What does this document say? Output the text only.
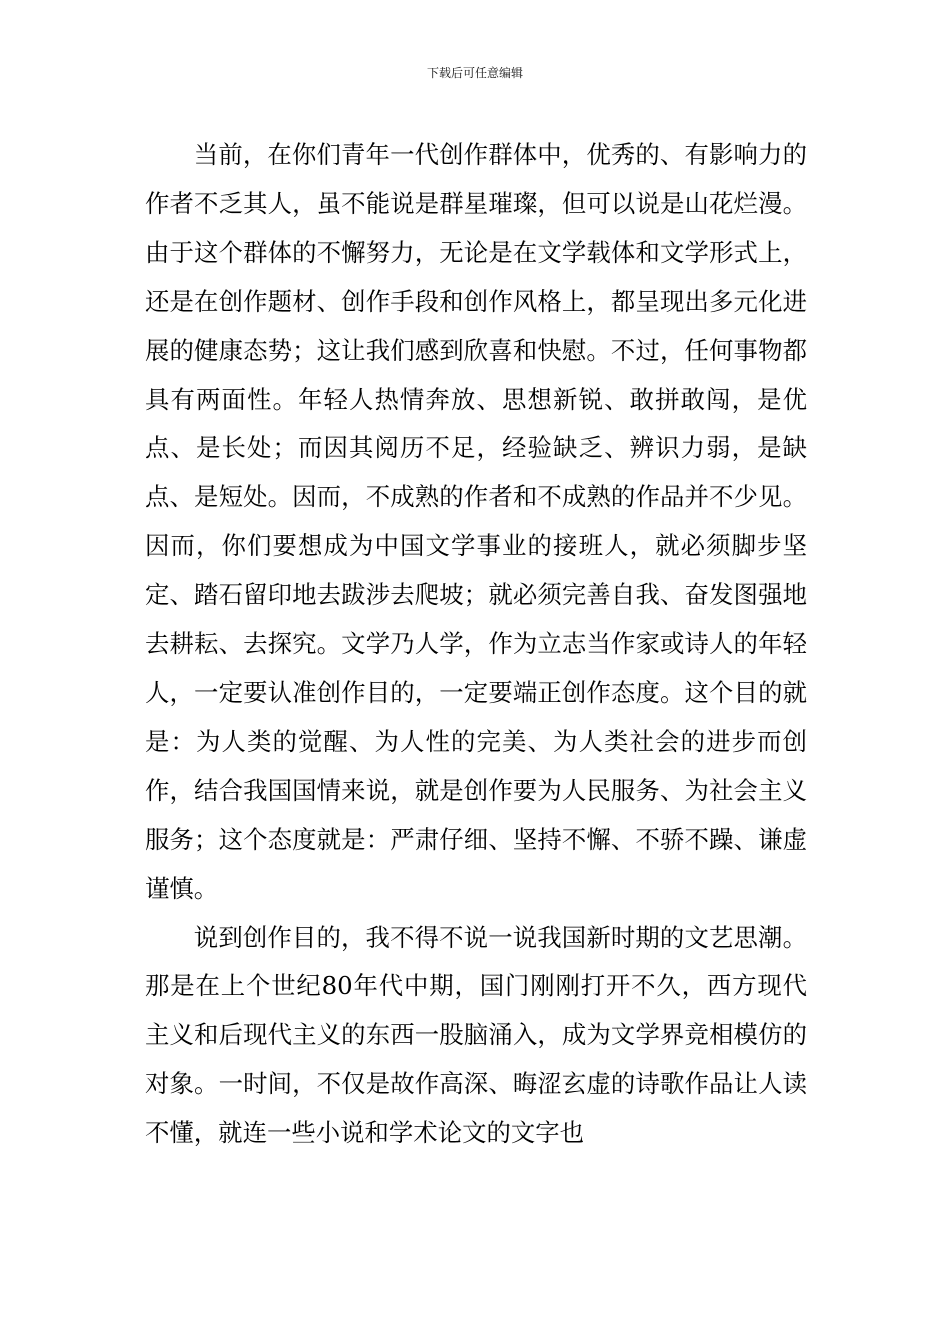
下载后可任意编辑

当前，在你们青年一代创作群体中，优秀的、有影响力的作者不乏其人，虽不能说是群星璀璨，但可以说是山花烂漫。由于这个群体的不懈努力，无论是在文学载体和文学形式上，还是在创作题材、创作手段和创作风格上，都呈现出多元化进展的健康态势；这让我们感到欣喜和快慰。不过，任何事物都具有两面性。年轻人热情奔放、思想新锐、敢拼敢闯，是优点、是长处；而因其阅历不足，经验缺乏、辨识力弱，是缺点、是短处。因而，不成熟的作者和不成熟的作品并不少见。因而，你们要想成为中国文学事业的接班人，就必须脚步坚定、踏石留印地去跋涉去爬坡；就必须完善自我、奋发图强地去耕耘、去探究。文学乃人学，作为立志当作家或诗人的年轻人，一定要认准创作目的，一定要端正创作态度。这个目的就是：为人类的觉醒、为人性的完美、为人类社会的进步而创作，结合我国国情来说，就是创作要为人民服务、为社会主义服务；这个态度就是：严肃仔细、坚持不懈、不骄不躁、谦虚谨慎。

说到创作目的，我不得不说一说我国新时期的文艺思潮。那是在上个世纪80年代中期，国门刚刚打开不久，西方现代主义和后现代主义的东西一股脑涌入，成为文学界竞相模仿的对象。一时间，不仅是故作高深、晦涩玄虚的诗歌作品让人读不懂，就连一些小说和学术论文的文字也
